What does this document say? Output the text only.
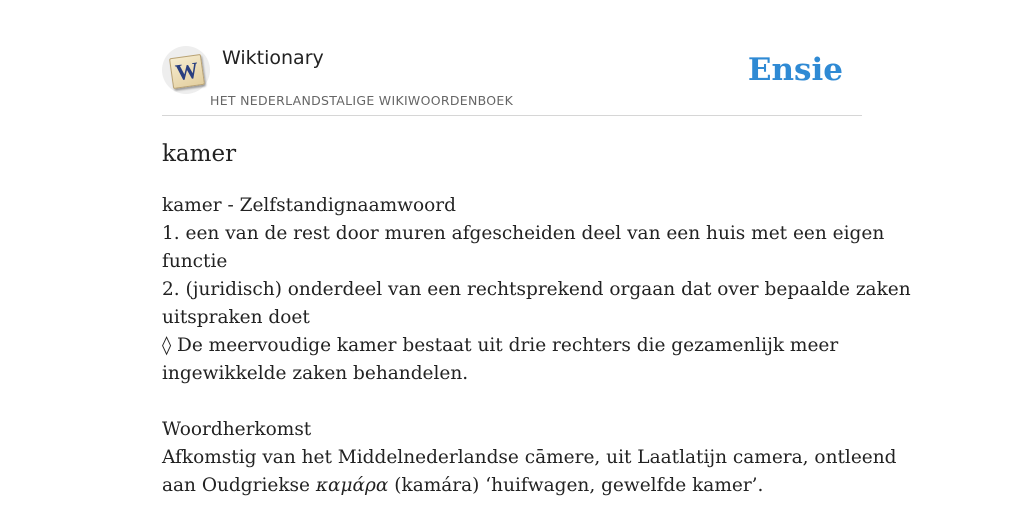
W Wiktionary
HET NEDERLANDSTALIGE WIKIWOORDENBOEK
Ensie
kamer
kamer - Zelfstandignaamwoord
1. een van de rest door muren afgescheiden deel van een huis met een eigen
functie
2. (juridisch) onderdeel van een rechtsprekend orgaan dat over bepaalde zaken
uitspraken doet
◊ De meervoudige kamer bestaat uit drie rechters die gezamenlijk meer
ingewikkelde zaken behandelen.
Woordherkomst
Afkomstig van het Middelnederlandse cāmere, uit Laatlatijn camera, ontleend
aan Oudgriekse καμάρα (kamára) ‘huifwagen, gewelfde kamer’.
